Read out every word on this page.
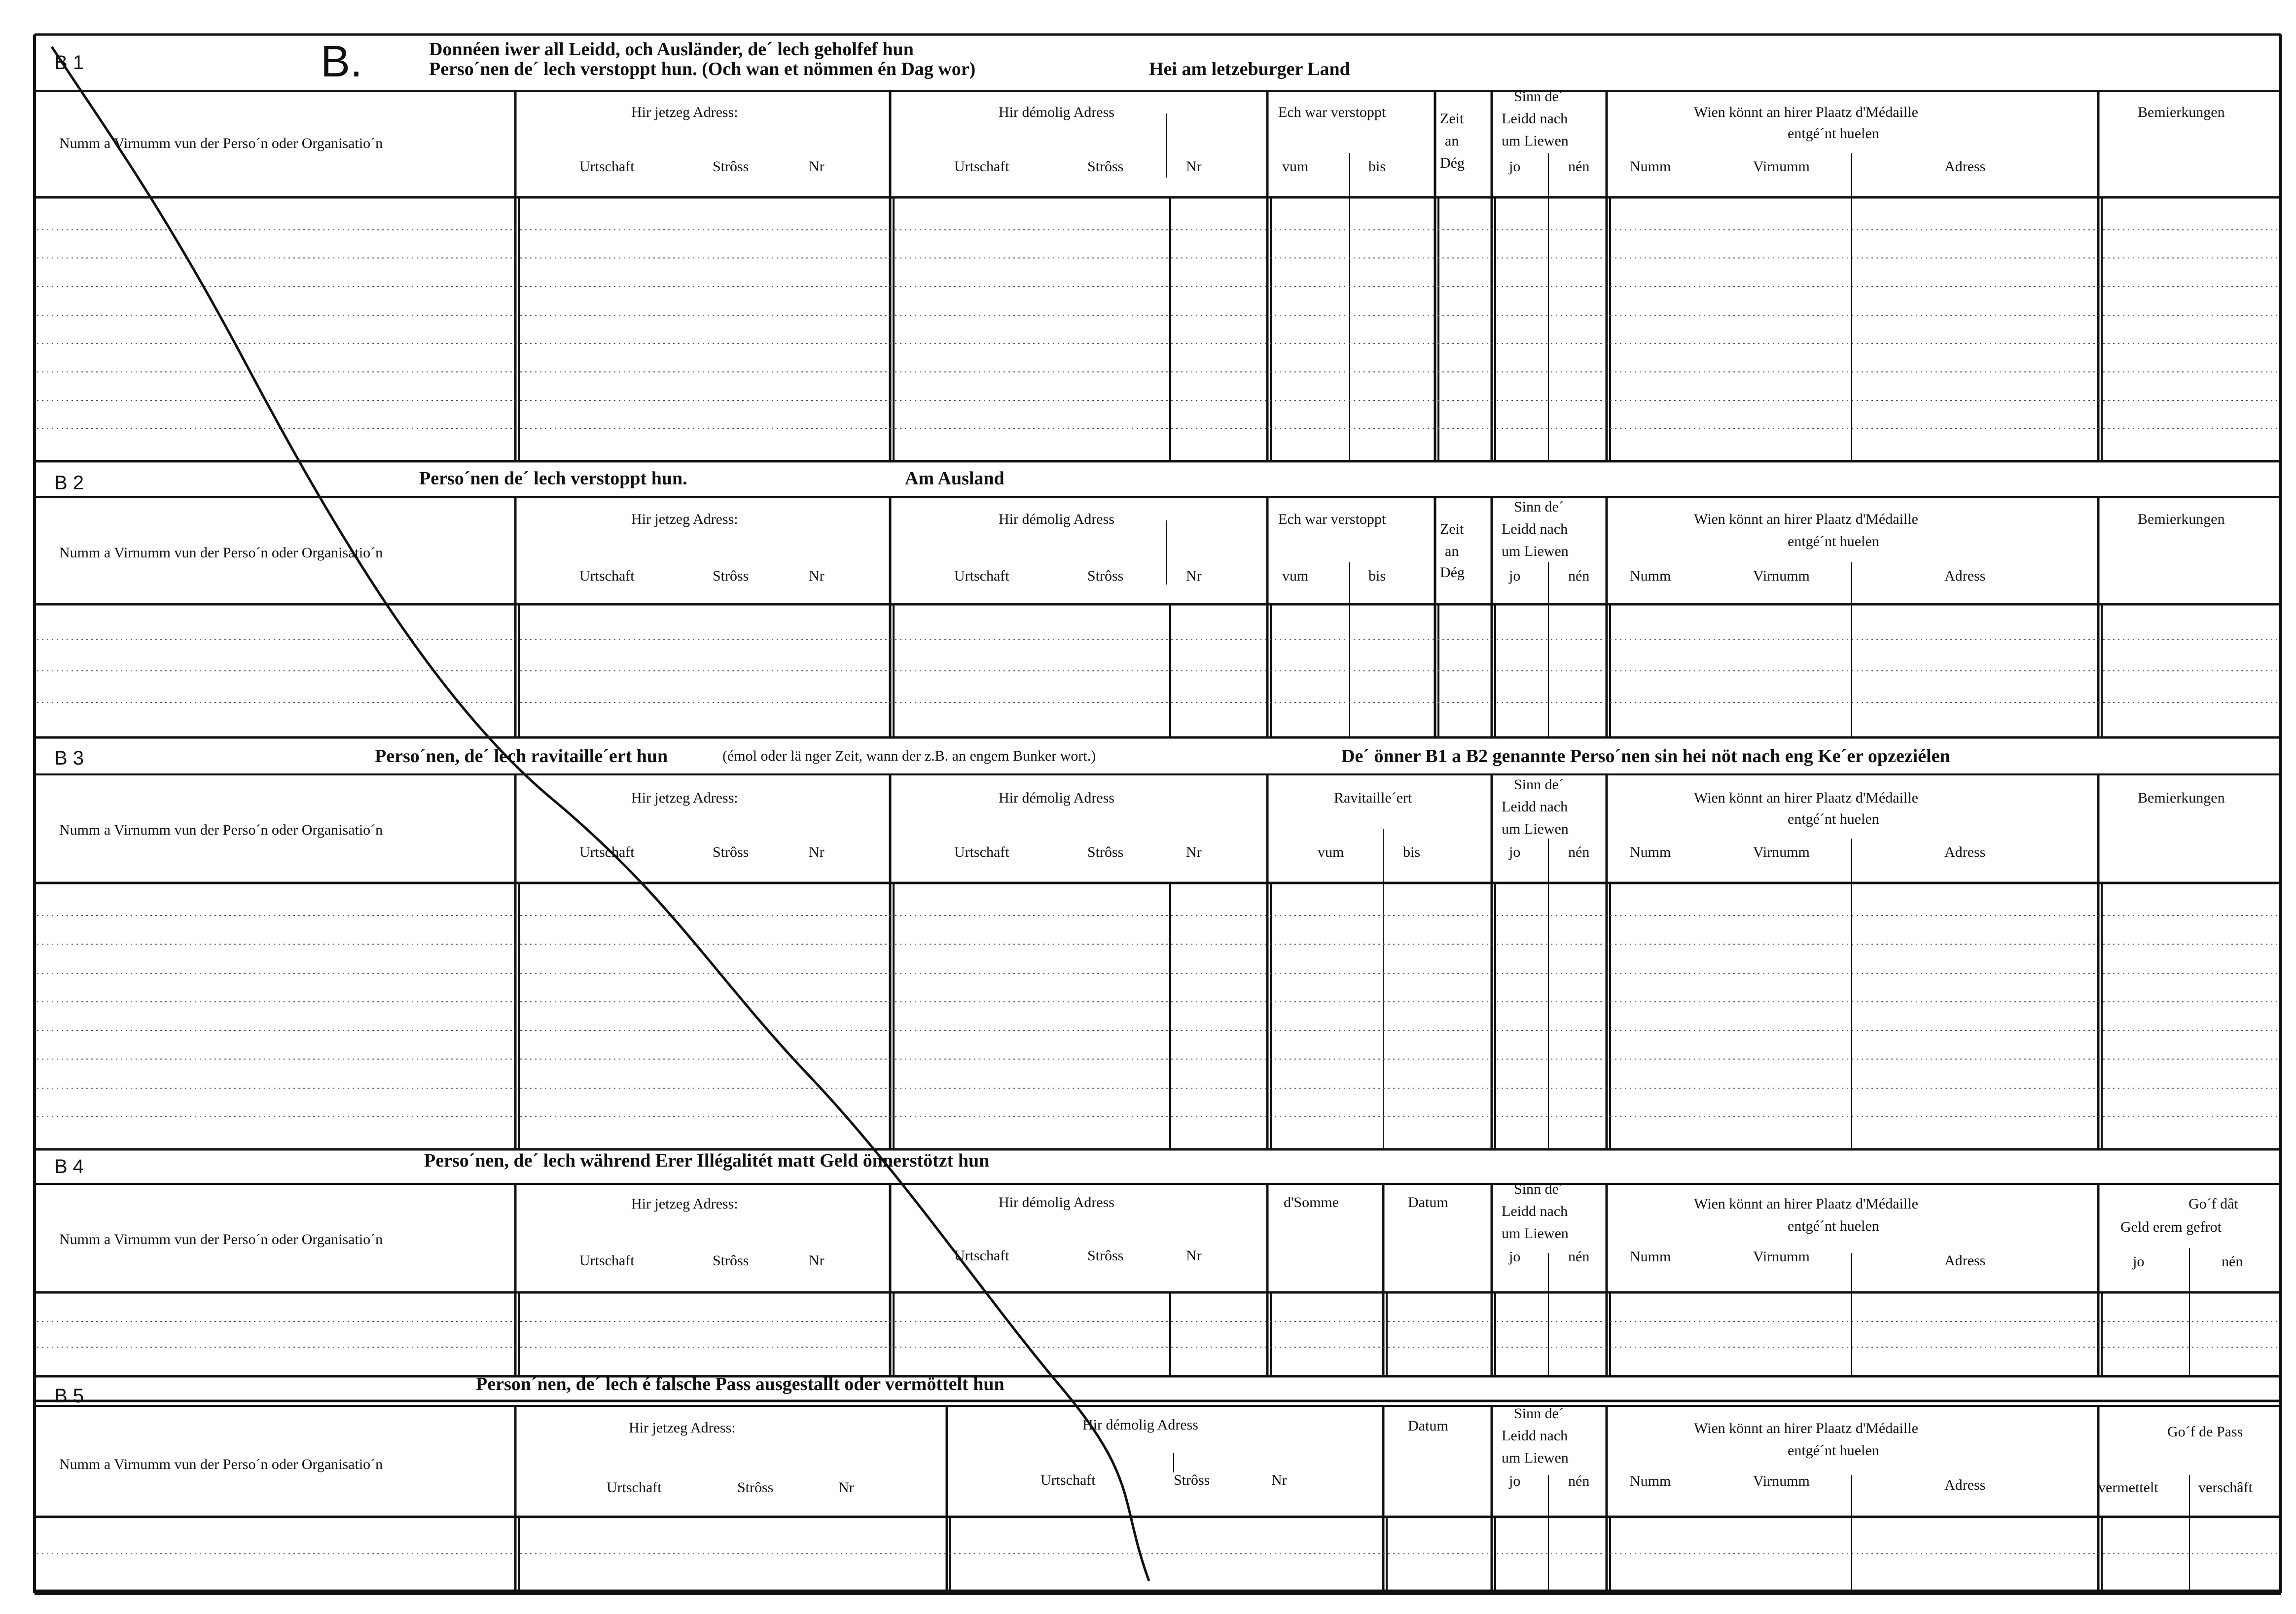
B 1	B.	Donnéen iwer all Leidd, och Ausländer, de´ lech geholfef hun
Perso´nen de´ lech verstoppt hun. (Och wan et nömmen én Dag wor)	Hei am letzeburger Land
Numm a Virnumm vun der Perso´n oder Organisatio´n
Hir jetzeg Adress:
Urtschaft	Strôss	Nr
Hir démolig Adress
Urtschaft	Strôss	Nr
Ech war verstoppt
vum	bis
Zeit
an
Dég
Sinn de´
Leidd nach
um Liewen
jo	nén
Wien könnt an hirer Plaatz d'Médaille
entgé´nt huelen
Numm	Virnumm	Adress
Bemierkungen
B 2	Perso´nen de´ lech verstoppt hun.	Am Ausland
Numm a Virnumm vun der Perso´n oder Organisatio´n
Hir jetzeg Adress:
Urtschaft	Strôss	Nr
Hir démolig Adress
Urtschaft	Strôss	Nr
Ech war verstoppt
vum	bis
Zeit
an
Dég
Sinn de´
Leidd nach
um Liewen
jo	nén
Wien könnt an hirer Plaatz d'Médaille
entgé´nt huelen
Numm	Virnumm	Adress
Bemierkungen
B 3	Perso´nen, de´ lech ravitaille´ert hun	(émol oder lä nger Zeit, wann der z.B. an engem Bunker wort.)	De´ önner B1 a B2 genannte Perso´nen sin hei nöt nach eng Ke´er opzeziélen
Numm a Virnumm vun der Perso´n oder Organisatio´n
Hir jetzeg Adress:
Urtschaft	Strôss	Nr
Hir démolig Adress
Urtschaft	Strôss	Nr
Ravitaille´ert
vum	bis
Sinn de´
Leidd nach
um Liewen
jo	nén
Wien könnt an hirer Plaatz d'Médaille
entgé´nt huelen
Numm	Virnumm	Adress
Bemierkungen
B 4	Perso´nen, de´ lech während Erer Illégalitét matt Geld önnerstötzt hun
Numm a Virnumm vun der Perso´n oder Organisatio´n
Hir jetzeg Adress:
Urtschaft	Strôss	Nr
Hir démolig Adress
Urtschaft	Strôss	Nr
d'Somme	Datum
Sinn de´
Leidd nach
um Liewen
jo	nén
Wien könnt an hirer Plaatz d'Médaille
entgé´nt huelen
Numm	Virnumm	Adress
Go´f dât
Geld erem gefrot
jo	nén
B 5
Person´nen, de´ lech é falsche Pass ausgestallt oder vermöttelt hun
Numm a Virnumm vun der Perso´n oder Organisatio´n
Hir jetzeg Adress:
Urtschaft	Strôss	Nr
Hir démolig Adress
Urtschaft	Strôss	Nr
Datum
Sinn de´
Leidd nach
um Liewen
jo	nén
Wien könnt an hirer Plaatz d'Médaille
entgé´nt huelen
Numm	Virnumm	Adress
Go´f de Pass
vermettelt	verschâft
